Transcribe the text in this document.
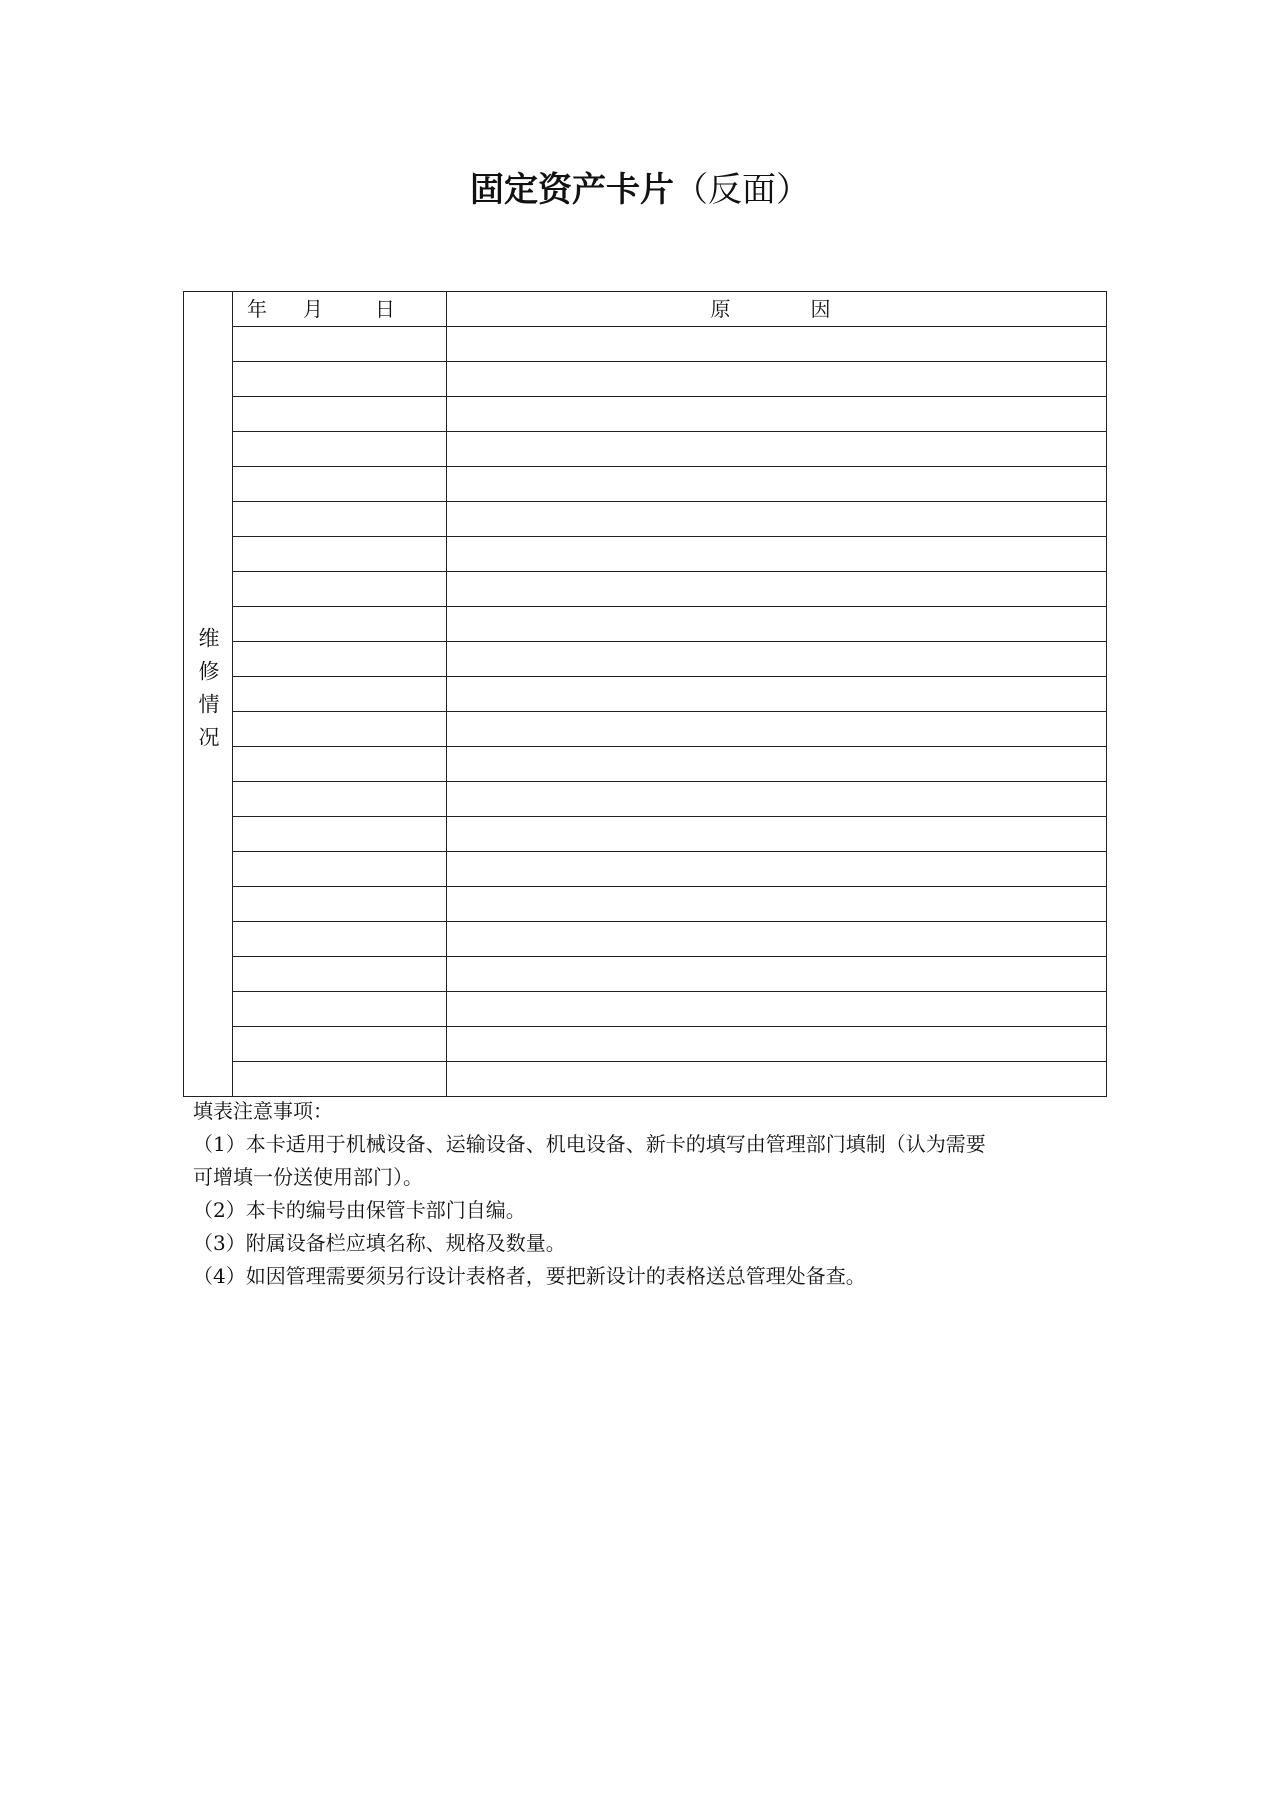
固定资产卡片（反面）
维修情况	年 月 日	原 因

填表注意事项：

（1）本卡适用于机械设备、运输设备、机电设备、新卡的填写由管理部门填制（认为需要

可增填一份送使用部门）。

（2）本卡的编号由保管卡部门自编。

（3）附属设备栏应填名称、规格及数量。

（4）如因管理需要须另行设计表格者，要把新设计的表格送总管理处备查。
